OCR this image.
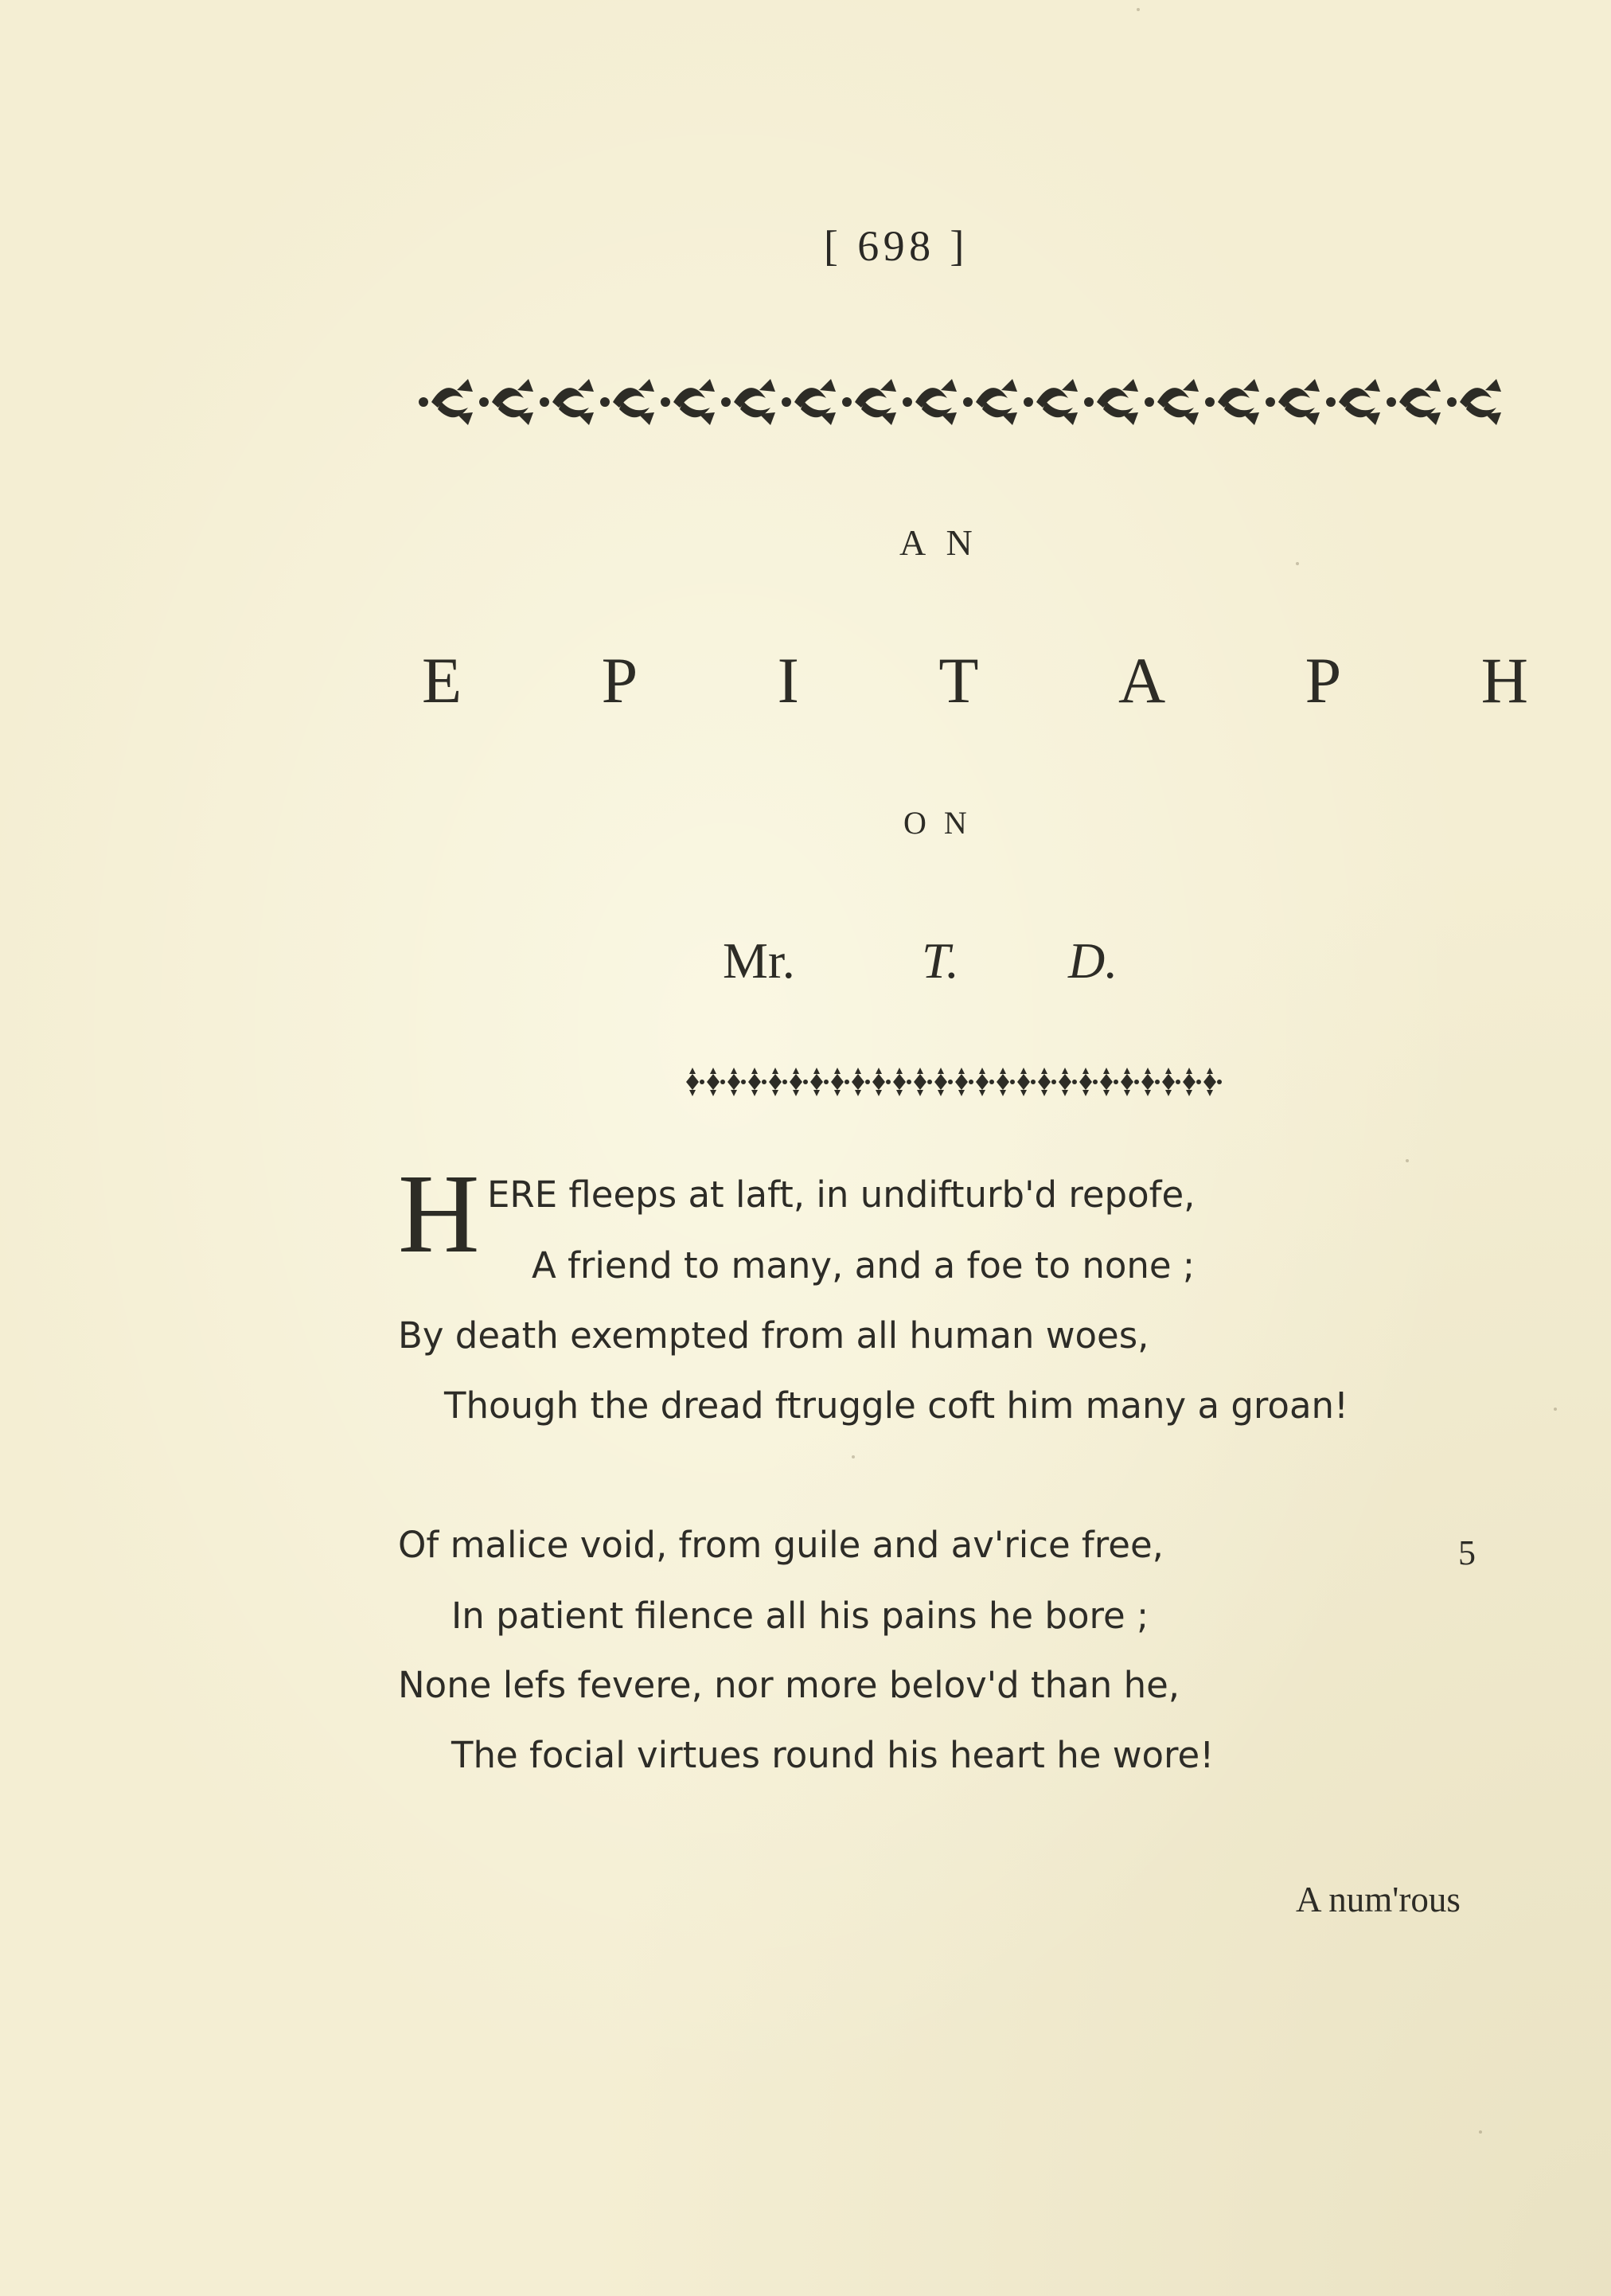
[ 698 ]

AN

E P I T A P H

ON

Mr. T. D.

H ERE fleeps at laft, in undifturb'd repofe,

A friend to many, and a foe to none ;

By death exempted from all human woes,

Though the dread ftruggle coft him many a groan!

Of malice void, from guile and av'rice free,	5

In patient filence all his pains he bore ;

None lefs fevere, nor more belov'd than he,

The focial virtues round his heart he wore!

A num'rous
